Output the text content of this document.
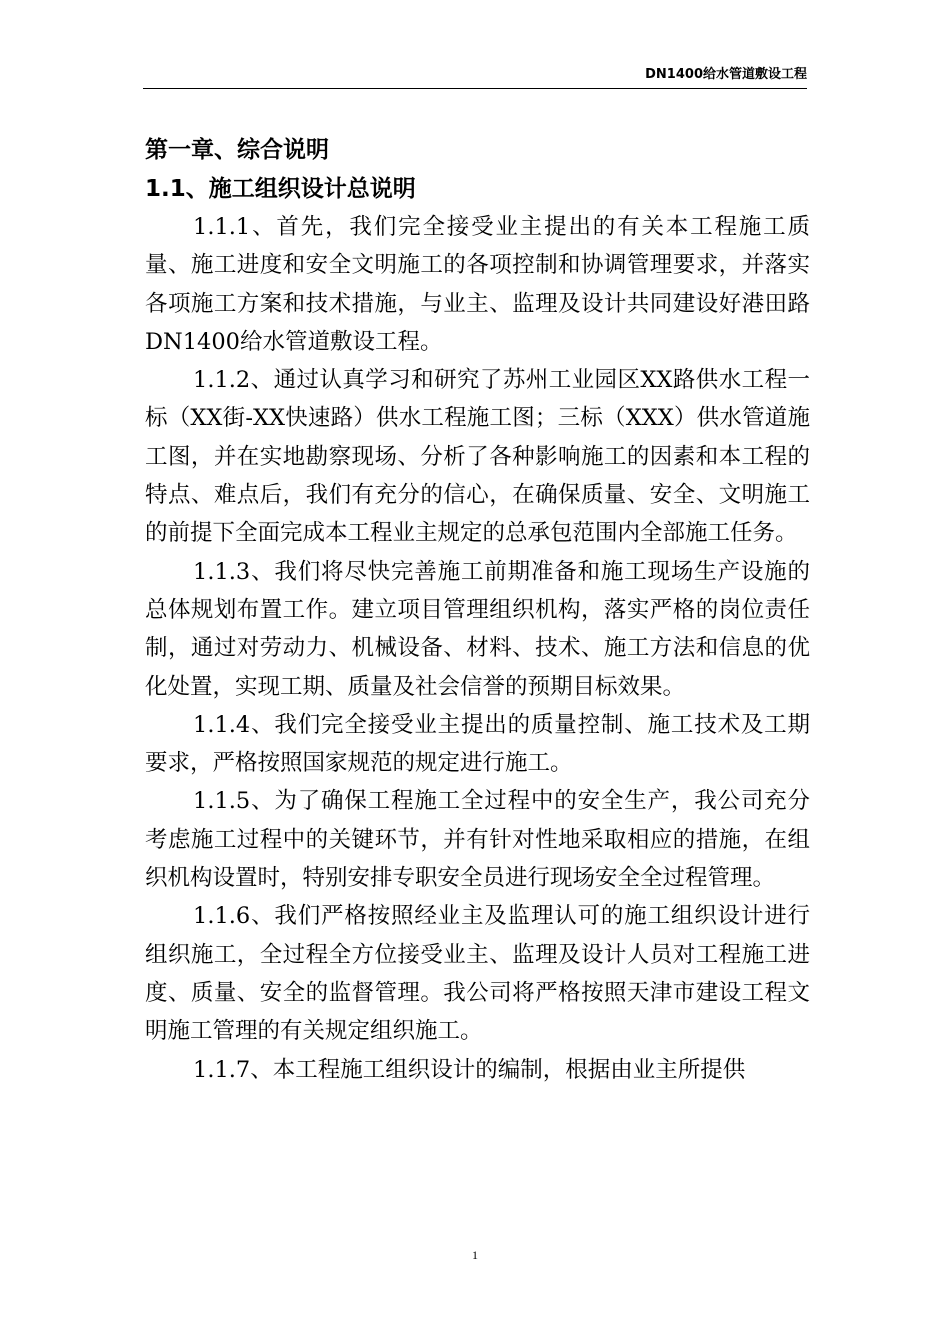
DN1400给水管道敷设工程
第一章、综合说明
1.1、施工组织设计总说明

1.1.1、首先，我们完全接受业主提出的有关本工程施工质量、施工进度和安全文明施工的各项控制和协调管理要求，并落实各项施工方案和技术措施，与业主、监理及设计共同建设好港田路DN1400给水管道敷设工程。

1.1.2、通过认真学习和研究了苏州工业园区XX路供水工程一标（XX街-XX快速路）供水工程施工图；三标（XXX）供水管道施工图，并在实地勘察现场、分析了各种影响施工的因素和本工程的特点、难点后，我们有充分的信心，在确保质量、安全、文明施工的前提下全面完成本工程业主规定的总承包范围内全部施工任务。

1.1.3、我们将尽快完善施工前期准备和施工现场生产设施的总体规划布置工作。建立项目管理组织机构，落实严格的岗位责任制，通过对劳动力、机械设备、材料、技术、施工方法和信息的优化处置，实现工期、质量及社会信誉的预期目标效果。

1.1.4、我们完全接受业主提出的质量控制、施工技术及工期要求，严格按照国家规范的规定进行施工。

1.1.5、为了确保工程施工全过程中的安全生产，我公司充分考虑施工过程中的关键环节，并有针对性地采取相应的措施，在组织机构设置时，特别安排专职安全员进行现场安全全过程管理。

1.1.6、我们严格按照经业主及监理认可的施工组织设计进行组织施工，全过程全方位接受业主、监理及设计人员对工程施工进度、质量、安全的监督管理。我公司将严格按照天津市建设工程文明施工管理的有关规定组织施工。

1.1.7、本工程施工组织设计的编制，根据由业主所提供

1
